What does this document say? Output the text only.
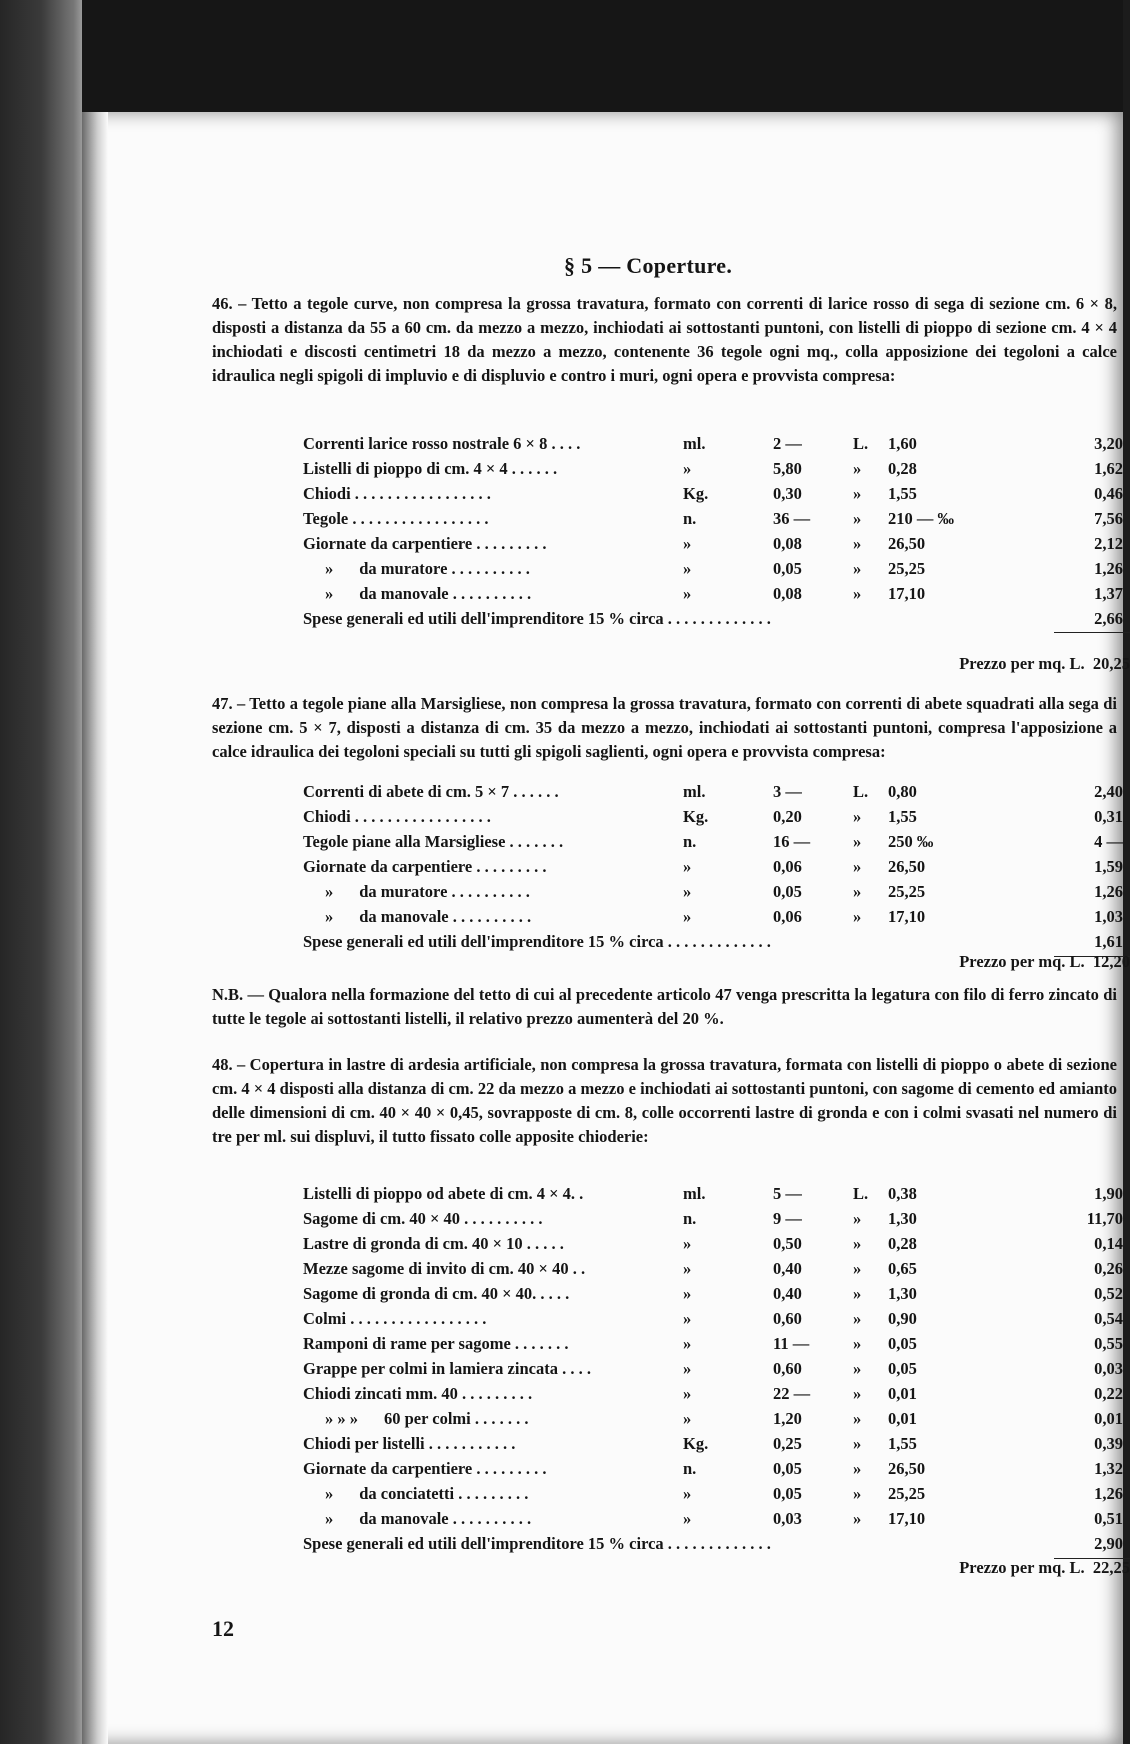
§ 5 — Coperture.

46. – Tetto a tegole curve, non compresa la grossa travatura, formato con correnti di larice rosso di sega di sezione cm. 6 × 8, disposti a distanza da 55 a 60 cm. da mezzo a mezzo, inchiodati ai sottostanti puntoni, con listelli di pioppo di sezione cm. 4 × 4 inchiodati e discosti centimetri 18 da mezzo a mezzo, contenente 36 tegole ogni mq., colla apposizione dei tegoloni a calce idraulica negli spigoli di impluvio e di displuvio e contro i muri, ogni opera e provvista compresa:

Correnti larice rosso nostrale 6 × 8 . . . .	ml.	2 —	L. 1,60	3,20
Listelli di pioppo di cm. 4 × 4 . . . . . .	»	5,80	» 0,28	1,62
Chiodi . . . . . . . . . . . . . . . . .	Kg.	0,30	» 1,55	0,46
Tegole . . . . . . . . . . . . . . . . .	n.	36 —	» 210 — ‰	7,56
Giornate da carpentiere . . . . . . . . .	»	0,08	» 26,50	2,12
» da muratore . . . . . . . . . .	»	0,05	» 25,25	1,26
» da manovale . . . . . . . . . .	»	0,08	» 17,10	1,37
Spese generali ed utili dell'imprenditore 15 % circa . . . . . . . . . . . . .	2,66
Prezzo per mq. L. 20,25

47. – Tetto a tegole piane alla Marsigliese, non compresa la grossa travatura, formato con correnti di abete squadrati alla sega di sezione cm. 5 × 7, disposti a distanza di cm. 35 da mezzo a mezzo, inchiodati ai sottostanti puntoni, compresa l'apposizione a calce idraulica dei tegoloni speciali su tutti gli spigoli saglienti, ogni opera e provvista compresa:

Correnti di abete di cm. 5 × 7 . . . . . .	ml.	3 —	L. 0,80	2,40
Chiodi . . . . . . . . . . . . . . . . .	Kg.	0,20	» 1,55	0,31
Tegole piane alla Marsigliese . . . . . . .	n.	16 —	» 250 ‰	4 —
Giornate da carpentiere . . . . . . . . .	»	0,06	» 26,50	1,59
» da muratore . . . . . . . . . .	»	0,05	» 25,25	1,26
» da manovale . . . . . . . . . .	»	0,06	» 17,10	1,03
Spese generali ed utili dell'imprenditore 15 % circa . . . . . . . . . . . . .	1,61
Prezzo per mq. L. 12,20

N.B. — Qualora nella formazione del tetto di cui al precedente articolo 47 venga prescritta la legatura con filo di ferro zincato di tutte le tegole ai sottostanti listelli, il relativo prezzo aumenterà del 20 %.

48. – Copertura in lastre di ardesia artificiale, non compresa la grossa travatura, formata con listelli di pioppo o abete di sezione cm. 4 × 4 disposti alla distanza di cm. 22 da mezzo a mezzo e inchiodati ai sottostanti puntoni, con sagome di cemento ed amianto delle dimensioni di cm. 40 × 40 × 0,45, sovrapposte di cm. 8, colle occorrenti lastre di gronda e con i colmi svasati nel numero di tre per ml. sui displuvi, il tutto fissato colle apposite chioderie:

Listelli di pioppo od abete di cm. 4 × 4. .	ml.	5 —	L. 0,38	1,90
Sagome di cm. 40 × 40 . . . . . . . . . .	n.	9 —	» 1,30	11,70
Lastre di gronda di cm. 40 × 10 . . . . .	»	0,50	» 0,28	0,14
Mezze sagome di invito di cm. 40 × 40 . .	»	0,40	» 0,65	0,26
Sagome di gronda di cm. 40 × 40. . . . .	»	0,40	» 1,30	0,52
Colmi . . . . . . . . . . . . . . . . .	»	0,60	» 0,90	0,54
Ramponi di rame per sagome . . . . . . .	»	11 —	» 0,05	0,55
Grappe per colmi in lamiera zincata . . . .	»	0,60	» 0,05	0,03
Chiodi zincati mm. 40 . . . . . . . . .	»	22 —	» 0,01	0,22
» » » 60 per colmi . . . . . . .	»	1,20	» 0,01	0,01
Chiodi per listelli . . . . . . . . . . .	Kg.	0,25	» 1,55	0,39
Giornate da carpentiere . . . . . . . . .	n.	0,05	» 26,50	1,32
» da conciatetti . . . . . . . . .	»	0,05	» 25,25	1,26
» da manovale . . . . . . . . . .	»	0,03	» 17,10	0,51
Spese generali ed utili dell'imprenditore 15 % circa . . . . . . . . . . . . .	2,90
Prezzo per mq. L. 22,25
12
